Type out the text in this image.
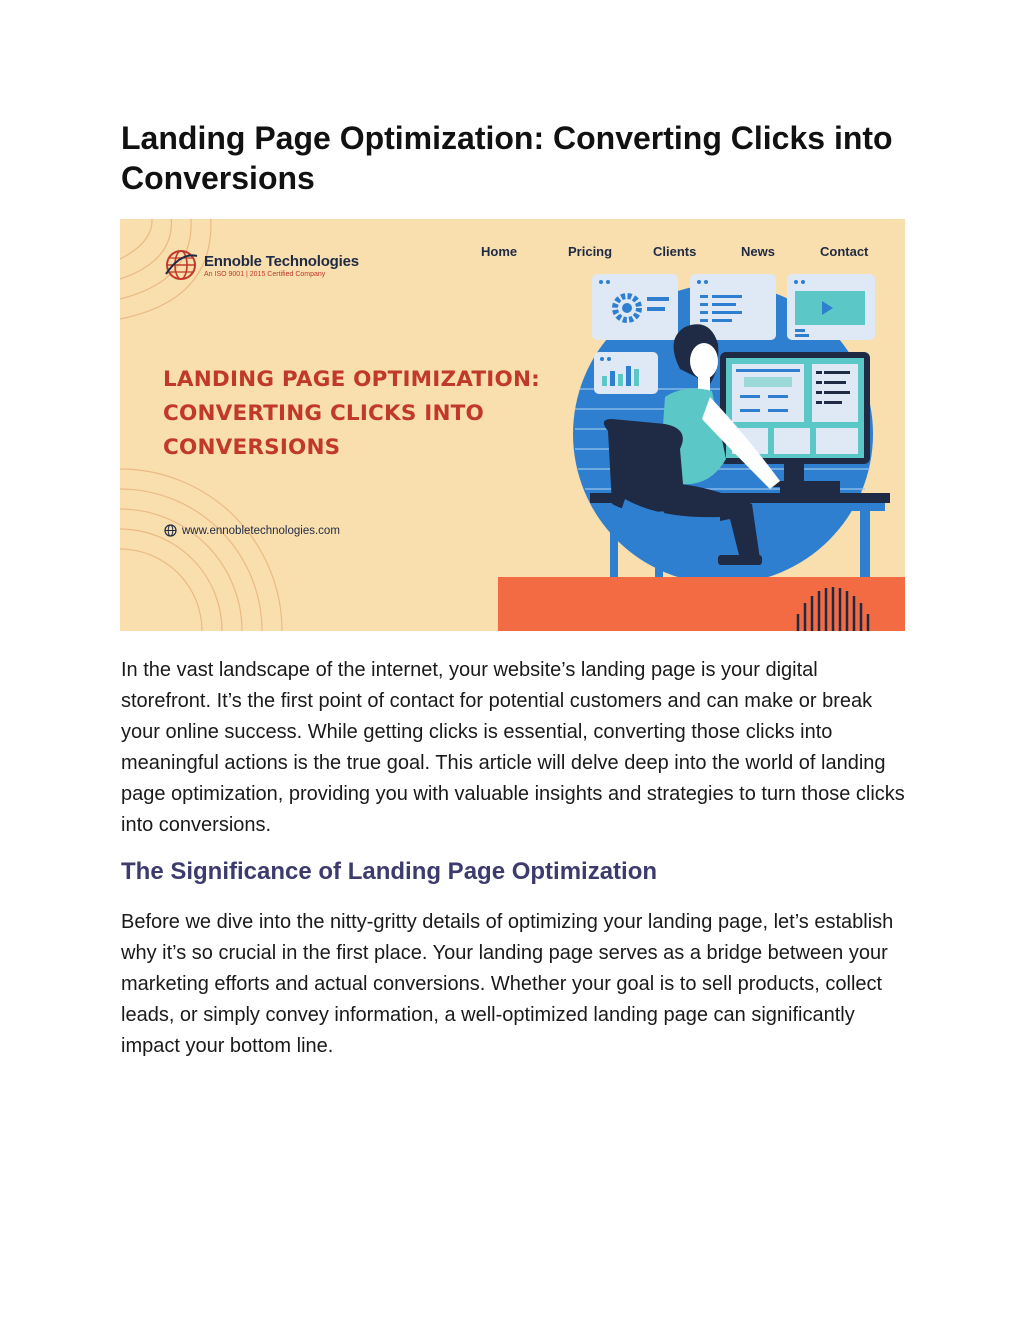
Landing Page Optimization: Converting Clicks into Conversions
Ennoble Technologies
An ISO 9001 | 2015 Certified Company
Home	Pricing	Clients	News	Contact
LANDING PAGE OPTIMIZATION:
CONVERTING CLICKS INTO
CONVERSIONS
www.ennobletechnologies.com

In the vast landscape of the internet, your website’s landing page is your digital storefront. It’s the first point of contact for potential customers and can make or break your online success. While getting clicks is essential, converting those clicks into meaningful actions is the true goal. This article will delve deep into the world of landing page optimization, providing you with valuable insights and strategies to turn those clicks into conversions.

The Significance of Landing Page Optimization

Before we dive into the nitty-gritty details of optimizing your landing page, let’s establish why it’s so crucial in the first place. Your landing page serves as a bridge between your marketing efforts and actual conversions. Whether your goal is to sell products, collect leads, or simply convey information, a well-optimized landing page can significantly impact your bottom line.
